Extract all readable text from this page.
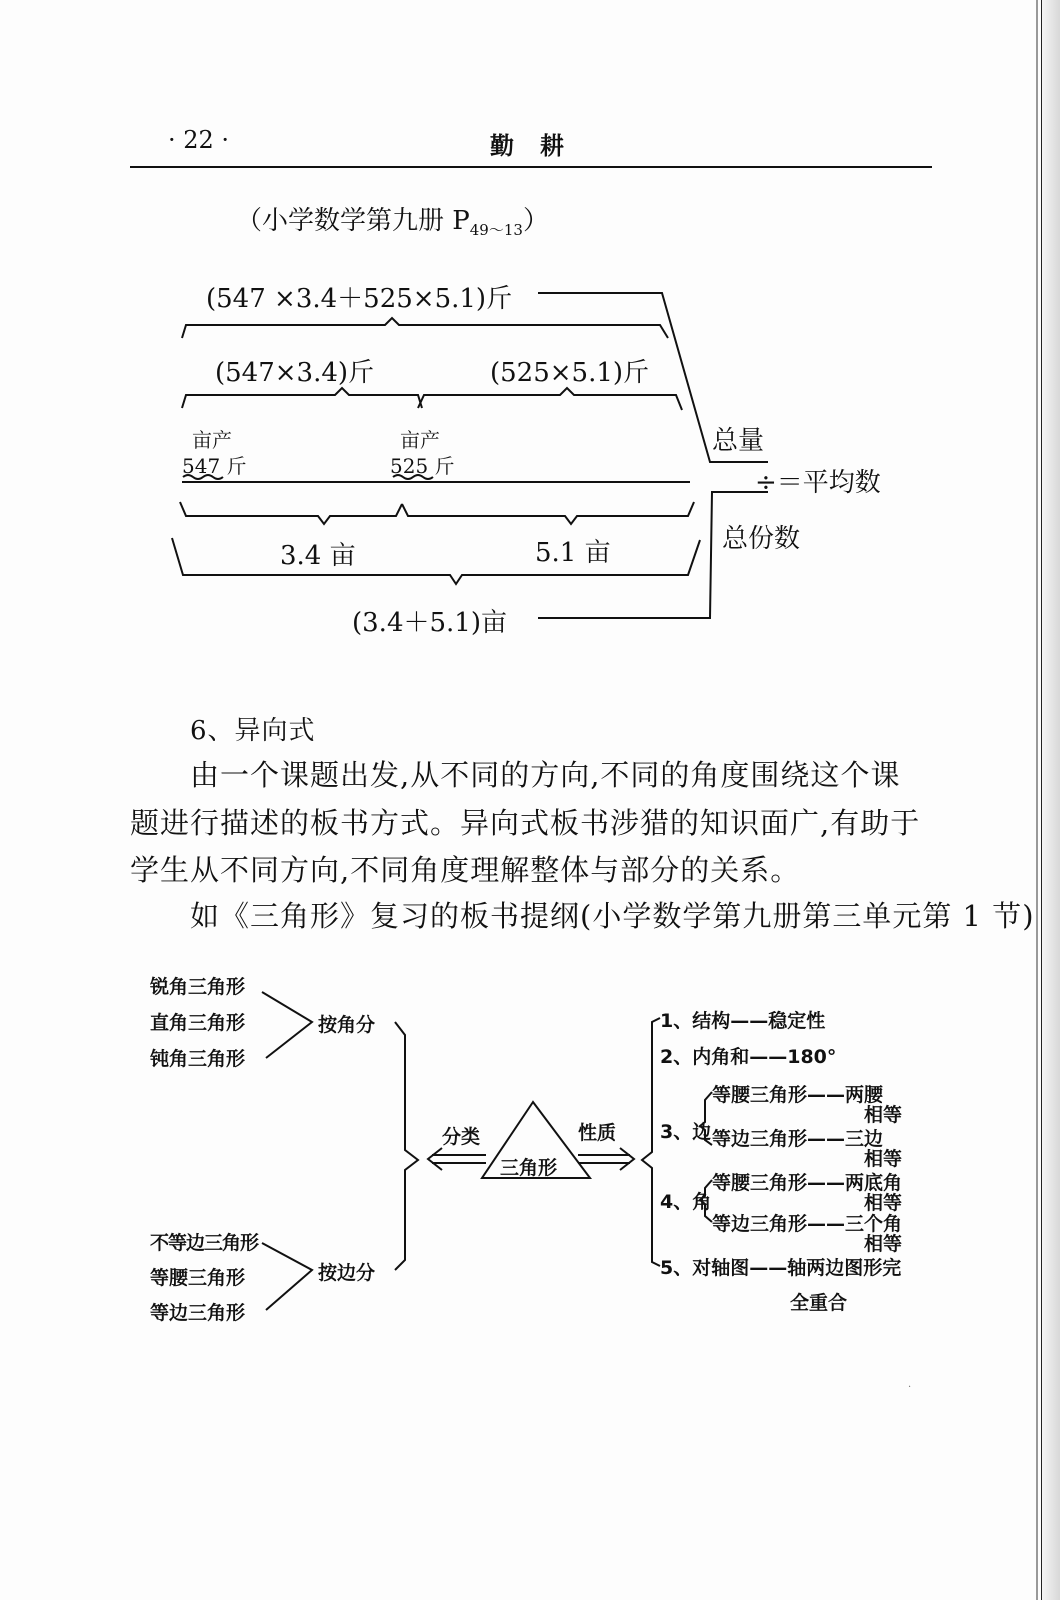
· 22 ·	勤耕
（小学数学第九册 $P_{49\sim 13}$）
(547 ×3.4＋525×5.1)斤
(547×3.4)斤	(525×5.1)斤
亩产
547 斤
亩产
525 斤
3.4 亩	5.1 亩
(3.4＋5.1)亩
总量
÷＝平均数
总份数
6、异向式
由一个课题出发,从不同的方向,不同的角度围绕这个课
题进行描述的板书方式。异向式板书涉猎的知识面广,有助于
学生从不同方向,不同角度理解整体与部分的关系。
如《三角形》复习的板书提纲(小学数学第九册第三单元第 1 节)
锐角三角形
直角三角形
钝角三角形
按角分
不等边三角形
等腰三角形
等边三角形
按边分
分类
三角形
性质
1、结构——稳定性
2、内角和——180°
3、边
等腰三角形——两腰
相等
等边三角形——三边
相等
4、角
等腰三角形——两底角
相等
等边三角形——三个角
相等
5、对轴图——轴两边图形完
全重合
·
